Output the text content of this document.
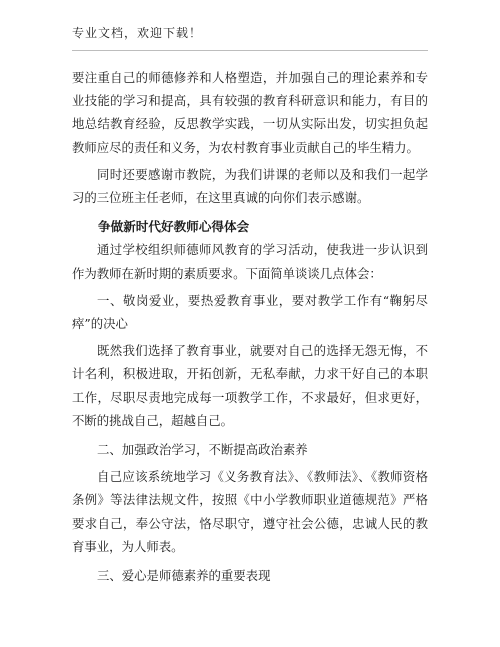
专业文档，欢迎下载！

要注重自己的师德修养和人格塑造，并加强自己的理论素养和专业技能的学习和提高，具有较强的教育科研意识和能力，有目的地总结教育经验，反思教学实践，一切从实际出发，切实担负起教师应尽的责任和义务，为农村教育事业贡献自己的毕生精力。

同时还要感谢市教院，为我们讲课的老师以及和我们一起学习的三位班主任老师，在这里真诚的向你们表示感谢。

争做新时代好教师心得体会

通过学校组织师德师风教育的学习活动，使我进一步认识到作为教师在新时期的素质要求。下面简单谈谈几点体会：

一、敬岗爱业，要热爱教育事业，要对教学工作有“鞠躬尽瘁”的决心

既然我们选择了教育事业，就要对自己的选择无怨无悔，不计名利，积极进取，开拓创新，无私奉献，力求干好自己的本职工作，尽职尽责地完成每一项教学工作，不求最好，但求更好，不断的挑战自己，超越自己。

二、加强政治学习，不断提高政治素养

自己应该系统地学习《义务教育法》、《教师法》、《教师资格条例》等法律法规文件，按照《中小学教师职业道德规范》严格要求自己，奉公守法，恪尽职守，遵守社会公德，忠诚人民的教育事业，为人师表。

三、爱心是师德素养的重要表现
